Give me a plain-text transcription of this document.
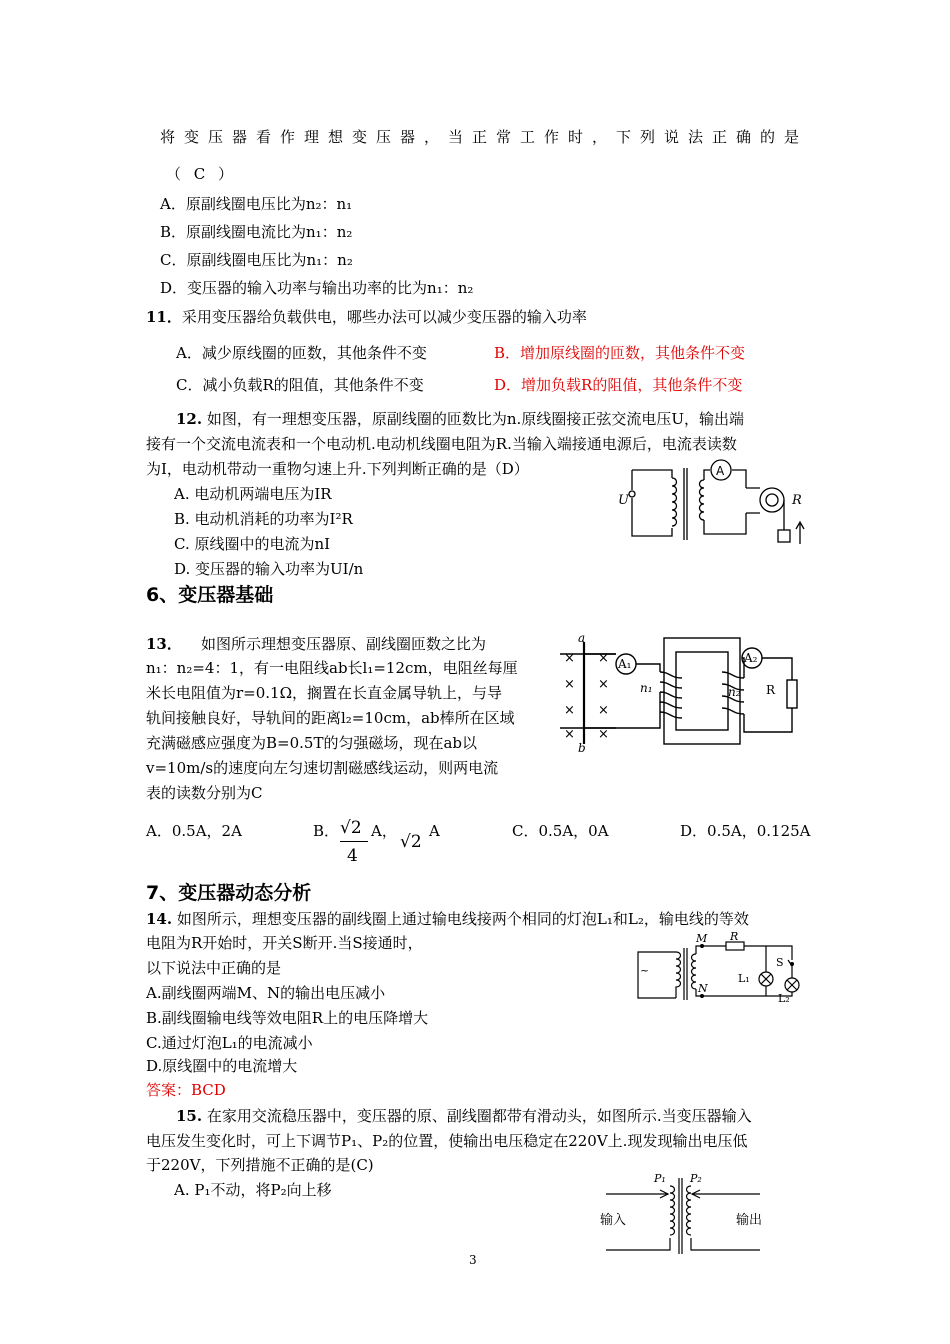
将变压器看作理想变压器，当正常工作时，下列说法正确的是
（ C ）
A．原副线圈电压比为n₂：n₁
B．原副线圈电流比为n₁：n₂
C．原副线圈电压比为n₁：n₂
D．变压器的输入功率与输出功率的比为n₁：n₂
11．采用变压器给负载供电，哪些办法可以减少变压器的输入功率
A．减少原线圈的匝数，其他条件不变	B．增加原线圈的匝数，其他条件不变
C．减小负载R的阻值，其他条件不变	D．增加负载R的阻值，其他条件不变
12. 如图，有一理想变压器，原副线圈的匝数比为n.原线圈接正弦交流电压U，输出端
接有一个交流电流表和一个电动机.电动机线圈电阻为R.当输入端接通电源后，电流表读数
为I，电动机带动一重物匀速上升.下列判断正确的是（D）
A. 电动机两端电压为IR
B. 电动机消耗的功率为I²R
C. 原线圈中的电流为nI
D. 变压器的输入功率为UI/n
U
A
R
6、变压器基础
13． 如图所示理想变压器原、副线圈匝数之比为
n₁：n₂=4：1，有一电阻线ab长l₁=12cm，电阻丝每厘
米长电阻值为r=0.1Ω，搁置在长直金属导轨上，与导
轨间接触良好，导轨间的距离l₂=10cm，ab棒所在区域
充满磁感应强度为B=0.5T的匀强磁场，现在ab以
v=10m/s的速度向左匀速切割磁感线运动，则两电流
表的读数分别为C
× ×
× ×
× ×
× ×
a
b
A₁	A₂
n₁	n₂ R
A．0.5A，2A	B． √2
4
A，
√2
A	C．0.5A，0A	D．0.5A，0.125A
7、变压器动态分析
14. 如图所示，理想变压器的副线圈上通过输电线接两个相同的灯泡L₁和L₂，输电线的等效
电阻为R开始时，开关S断开.当S接通时，
以下说法中正确的是
A.副线圈两端M、N的输出电压减小
B.副线圈输电线等效电阻R上的电压降增大
C.通过灯泡L₁的电流减小
D.原线圈中的电流增大
答案：BCD
~
M
N
R
S
L₁
L₂
15. 在家用交流稳压器中，变压器的原、副线圈都带有滑动头，如图所示.当变压器输入
电压发生变化时，可上下调节P₁、P₂的位置，使输出电压稳定在220V上.现发现输出电压低
于220V，下列措施不正确的是(C)
A. P₁不动，将P₂向上移
P₁ P₂
输入	输出
3
